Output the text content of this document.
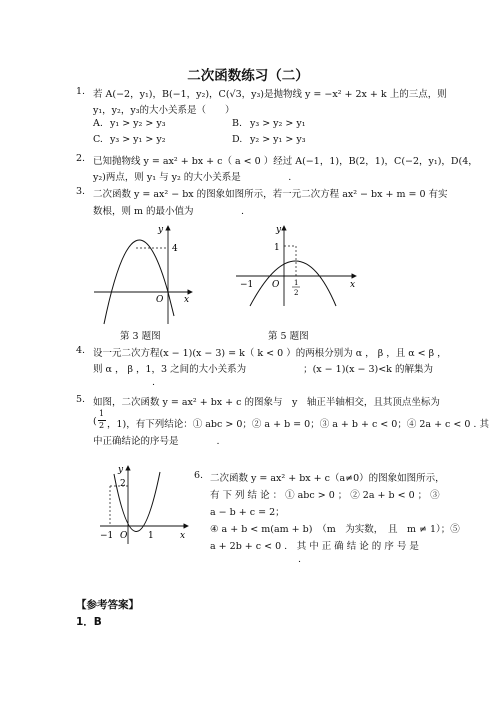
二次函数练习（二）
1. 若 A(−2，y₁)，B(−1，y₂)，C(√3，y₃)是抛物线 y = −x² + 2x + k 上的三点，则
y₁，y₂，y₃的大小关系是（　　）
A. y₁ > y₂ > y₃	B. y₃ > y₂ > y₁
C. y₃ > y₁ > y₂	D. y₂ > y₁ > y₃
2. 已知抛物线 y = ax² + bx + c（ a < 0 ）经过 A(−1，1)，B(2，1)，C(−2，y₁)，D(4，
y₂)两点，则 y₁ 与 y₂ 的大小关系是　　　　　.
3. 二次函数 y = ax² − bx 的图象如图所示，若一元二次方程 ax² − bx + m = 0 有实
数根，则 m 的最小值为　　　　　.
y
4
O x
第 3 题图
y
1
−1 O 1
2
x
第 5 题图
4. 设一元二次方程(x − 1)(x − 3) = k（ k < 0 ）的两根分别为 α ， β ，且 α < β ，
则 α ， β ，1，3 之间的大小关系为　　　　　　；(x − 1)(x − 3)<k 的解集为
.
5. 如图，二次函数 y = ax² + bx + c 的图象与　y　轴正半轴相交，且其顶点坐标为
(
1
2 ，1)，有下列结论：① abc > 0；② a + b = 0；③ a + b + c < 0；④ 2a + c < 0 . 其
中正确结论的序号是　　　　.
y
2
−1 O 1	x
6. 二次函数 y = ax² + bx + c（a≠0）的图象如图所示，
有 下 列 结 论 ： ① abc > 0 ； ② 2a + b < 0 ； ③
a − b + c = 2；
④ a + b < m(am + b)　（m　为实数，　且　m ≠ 1）；⑤
a + 2b + c < 0 .　其 中 正 确 结 论 的 序 号 是
.
【参考答案】
1．B
